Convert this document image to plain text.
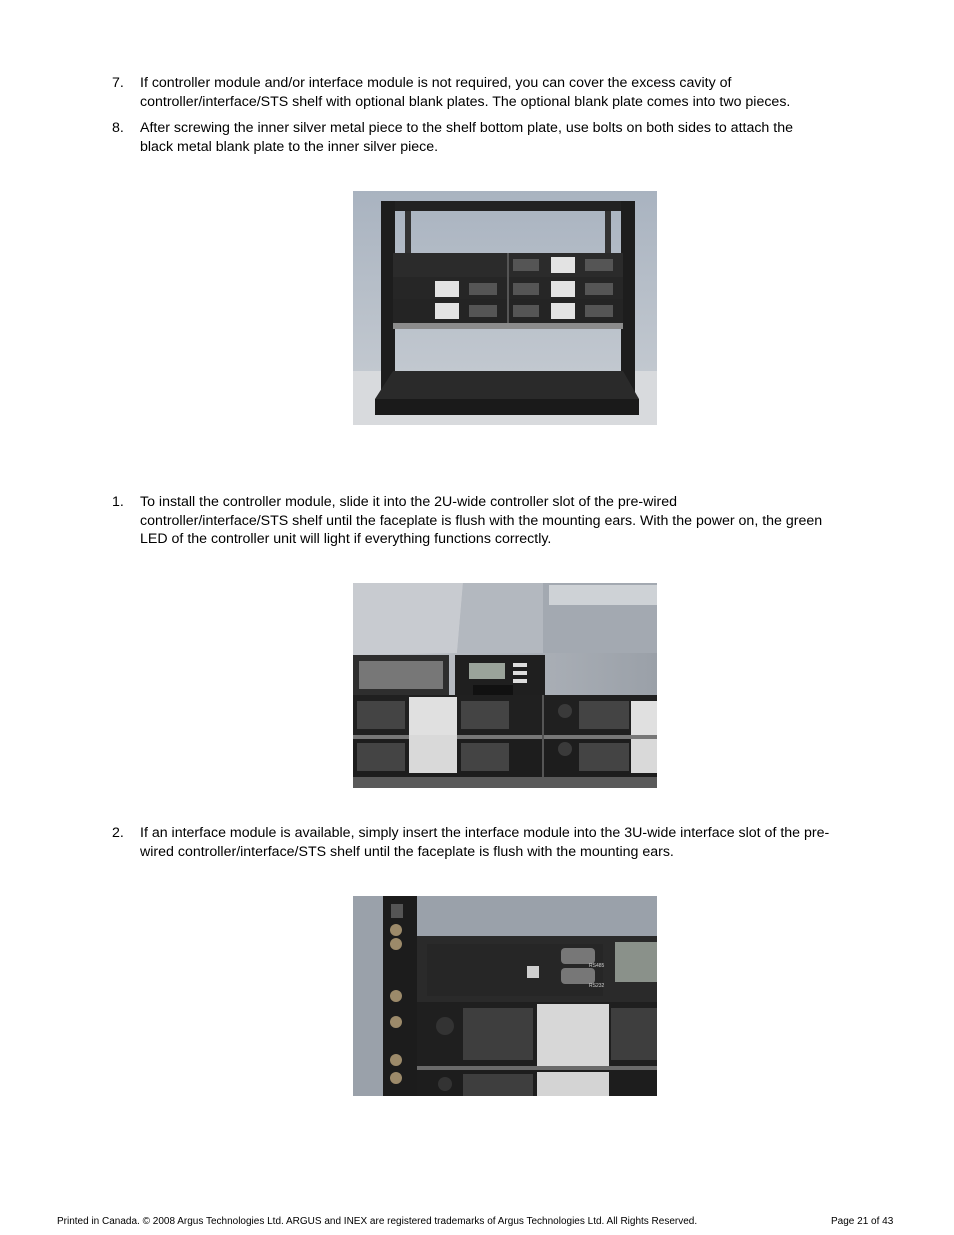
7. If controller module and/or interface module is not required, you can cover the excess cavity of
controller/interface/STS shelf with optional blank plates. The optional blank plate comes into two pieces.
8. After screwing the inner silver metal piece to the shelf bottom plate, use bolts on both sides to attach the
black metal blank plate to the inner silver piece.
1. To install the controller module, slide it into the 2U-wide controller slot of the pre-wired
controller/interface/STS shelf until the faceplate is flush with the mounting ears. With the power on, the green
LED of the controller unit will light if everything functions correctly.
2. If an interface module is available, simply insert the interface module into the 3U-wide interface slot of the pre-
wired controller/interface/STS shelf until the faceplate is flush with the mounting ears.
RS485
RS232
Printed in Canada. © 2008 Argus Technologies Ltd. ARGUS and INEX are registered trademarks of Argus Technologies Ltd. All Rights Reserved.	Page 21 of 43
